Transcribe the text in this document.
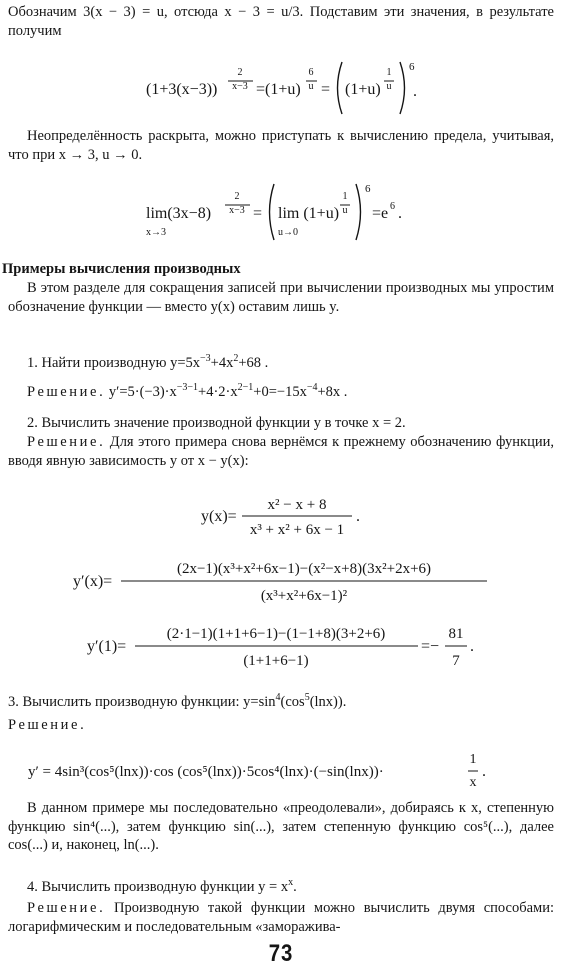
Обозначим 3(x − 3) = u, отсюда x − 3 = u/3. Подставим эти значения, в результате получим

(1+3(x−3))
2
x−3 =(1+u)
6
u = (1+u)
1
u
6
.

Неопределённость раскрыта, можно приступать к вычислению предела, учитывая, что при x → 3, u → 0.

lim(3x−8)
x→3
2
x−3 = lim (1+u)
u→0
1
u
6
=e 6 .
Примеры вычисления производных

В этом разделе для сокращения записей при вычислении производных мы упростим обозначение функции — вместо y(x) оставим лишь y.

1. Найти производную $y=5x^{-3}+4x^2+68$ .
Решение. $y'=5\cdot(-3)\cdot x^{-3-1}+4\cdot 2\cdot x^{2-1}+0=-15x^{-4}+8x$ .

2. Вычислить значение производной функции y в точке x = 2.

Решение. Для этого примера снова вернёмся к прежнему обозначению функции, вводя явную зависимость y от x − y(x):

y(x)=
x² − x + 8
x³ + x² + 6x − 1
.
y′(x)=
(2x−1)(x³+x²+6x−1)−(x²−x+8)(3x²+2x+6)
(x³+x²+6x−1)²
y′(1)=
(2·1−1)(1+1+6−1)−(1−1+8)(3+2+6)
(1+1+6−1)
=−
81
7
.
3. Вычислить производную функции: $y=\sin^4(\cos^5(\ln x))$.

Решение.

y′ = 4sin³(cos⁵(lnx))·cos (cos⁵(lnx))·5cos⁴(lnx)·(−sin(lnx))·
1
x
.

В данном примере мы последовательно «преодолевали», добираясь к x, степенную функцию sin⁴(...), затем функцию sin(...), затем степенную функцию cos⁵(...), далее cos(...) и, наконец, ln(...).

4. Вычислить производную функции $y = x^x$.

Решение. Производную такой функции можно вычислить двумя способами: логарифмическим и последовательным «заморажива-

73
